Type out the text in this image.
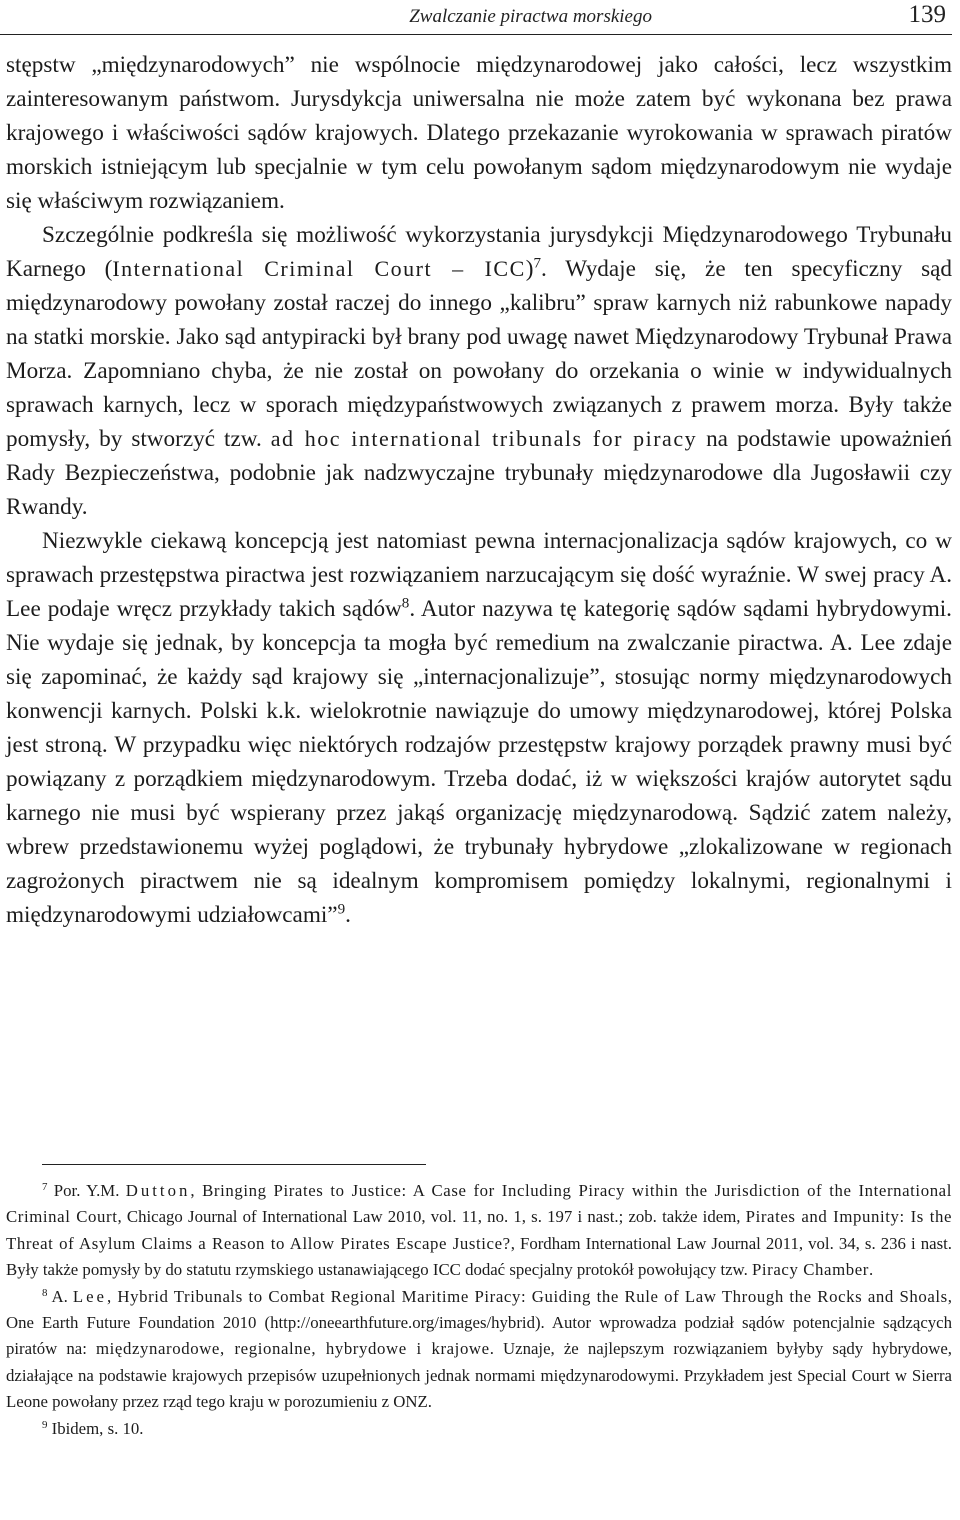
Zwalczanie piractwa morskiego	139

stępstw „międzynarodowych” nie wspólnocie międzynarodowej jako całości, lecz wszystkim zainteresowanym państwom. Jurysdykcja uniwersalna nie może zatem być wykonana bez prawa krajowego i właściwości sądów krajowych. Dlatego przekazanie wyrokowania w sprawach piratów morskich istniejącym lub specjalnie w tym celu powołanym sądom międzynarodowym nie wydaje się właściwym rozwiązaniem.

Szczególnie podkreśla się możliwość wykorzystania jurysdykcji Międzynarodowego Trybunału Karnego (International Criminal Court – ICC)$^7$. Wydaje się, że ten specyficzny sąd międzynarodowy powołany został raczej do innego „kalibru” spraw karnych niż rabunkowe napady na statki morskie. Jako sąd antypiracki był brany pod uwagę nawet Międzynarodowy Trybunał Prawa Morza. Zapomniano chyba, że nie został on powołany do orzekania o winie w indywidualnych sprawach karnych, lecz w sporach międzypaństwowych związanych z prawem morza. Były także pomysły, by stworzyć tzw. ad hoc international tribunals for piracy na podstawie upoważnień Rady Bezpieczeństwa, podobnie jak nadzwyczajne trybunały międzynarodowe dla Jugosławii czy Rwandy.

Niezwykle ciekawą koncepcją jest natomiast pewna internacjonalizacja sądów krajowych, co w sprawach przestępstwa piractwa jest rozwiązaniem narzucającym się dość wyraźnie. W swej pracy A. Lee podaje wręcz przykłady takich sądów$^8$. Autor nazywa tę kategorię sądów sądami hybrydowymi. Nie wydaje się jednak, by koncepcja ta mogła być remedium na zwalczanie piractwa. A. Lee zdaje się zapominać, że każdy sąd krajowy się „internacjonalizuje”, stosując normy międzynarodowych konwencji karnych. Polski k.k. wielokrotnie nawiązuje do umowy międzynarodowej, której Polska jest stroną. W przypadku więc niektórych rodzajów przestępstw krajowy porządek prawny musi być powiązany z porządkiem międzynarodowym. Trzeba dodać, iż w większości krajów autorytet sądu karnego nie musi być wspierany przez jakąś organizację międzynarodową. Sądzić zatem należy, wbrew przedstawionemu wyżej poglądowi, że trybunały hybrydowe „zlokalizowane w regionach zagrożonych piractwem nie są idealnym kompromisem pomiędzy lokalnymi, regionalnymi i międzynarodowymi udziałowcami”$^9$.

$^7$ Por. Y.M. Dutton, Bringing Pirates to Justice: A Case for Including Piracy within the Jurisdiction of the International Criminal Court, Chicago Journal of International Law 2010, vol. 11, no. 1, s. 197 i nast.; zob. także idem, Pirates and Impunity: Is the Threat of Asylum Claims a Reason to Allow Pirates Escape Justice?, Fordham International Law Journal 2011, vol. 34, s. 236 i nast. Były także pomysły by do statutu rzymskiego ustanawiającego ICC dodać specjalny protokół powołujący tzw. Piracy Chamber.

$^8$ A. Lee, Hybrid Tribunals to Combat Regional Maritime Piracy: Guiding the Rule of Law Through the Rocks and Shoals, One Earth Future Foundation 2010 (http://oneearthfuture.org/images/hybrid). Autor wprowadza podział sądów potencjalnie sądzących piratów na: międzynarodowe, regionalne, hybrydowe i krajowe. Uznaje, że najlepszym rozwiązaniem byłyby sądy hybrydowe, działające na podstawie krajowych przepisów uzupełnionych jednak normami międzynarodowymi. Przykładem jest Special Court w Sierra Leone powołany przez rząd tego kraju w porozumieniu z ONZ.

$^9$ Ibidem, s. 10.
